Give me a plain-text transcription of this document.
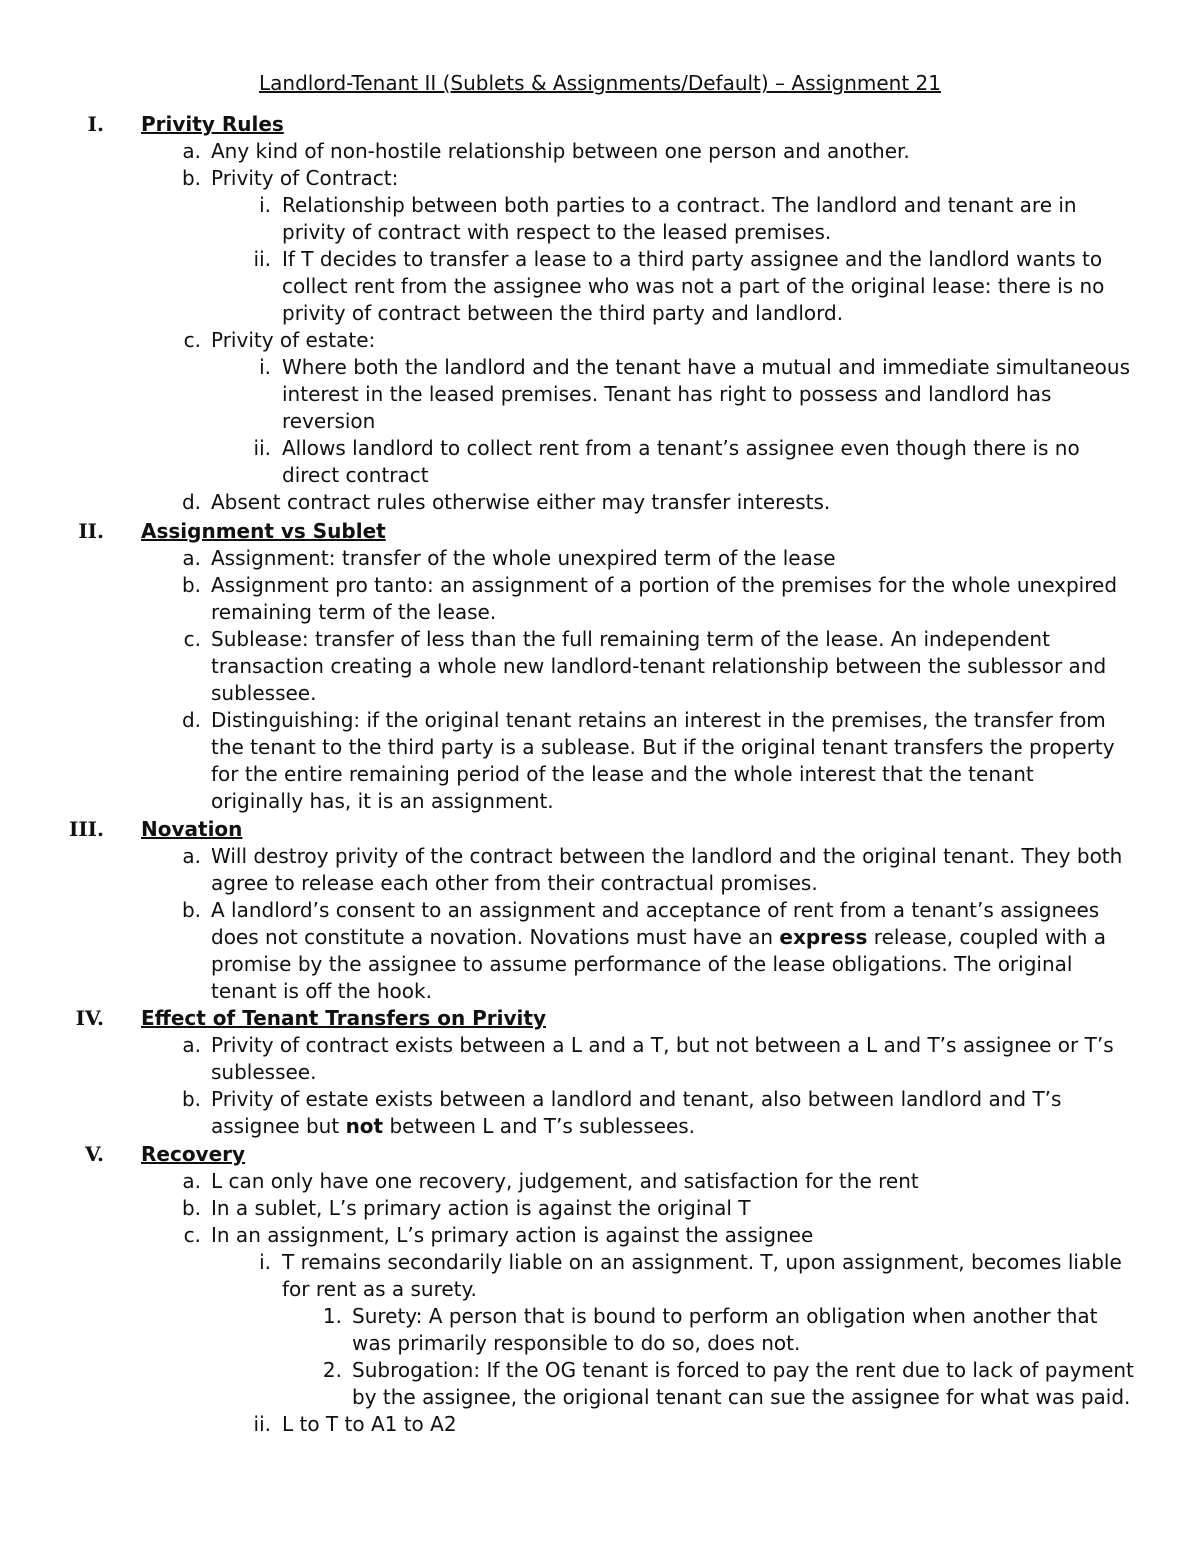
Landlord-Tenant II (Sublets & Assignments/Default) – Assignment 21
I. Privity Rules
a. Any kind of non-hostile relationship between one person and another.
b. Privity of Contract:
i. Relationship between both parties to a contract. The landlord and tenant are in privity of contract with respect to the leased premises.
ii. If T decides to transfer a lease to a third party assignee and the landlord wants to collect rent from the assignee who was not a part of the original lease: there is no privity of contract between the third party and landlord.
c. Privity of estate:
i. Where both the landlord and the tenant have a mutual and immediate simultaneous interest in the leased premises. Tenant has right to possess and landlord has reversion
ii. Allows landlord to collect rent from a tenant’s assignee even though there is no direct contract
d. Absent contract rules otherwise either may transfer interests.
II. Assignment vs Sublet
a. Assignment: transfer of the whole unexpired term of the lease
b. Assignment pro tanto: an assignment of a portion of the premises for the whole unexpired remaining term of the lease.
c. Sublease: transfer of less than the full remaining term of the lease. An independent transaction creating a whole new landlord-tenant relationship between the sublessor and sublessee.
d. Distinguishing: if the original tenant retains an interest in the premises, the transfer from the tenant to the third party is a sublease. But if the original tenant transfers the property for the entire remaining period of the lease and the whole interest that the tenant originally has, it is an assignment.
III. Novation
a. Will destroy privity of the contract between the landlord and the original tenant. They both agree to release each other from their contractual promises.
b. A landlord’s consent to an assignment and acceptance of rent from a tenant’s assignees does not constitute a novation. Novations must have an express release, coupled with a promise by the assignee to assume performance of the lease obligations. The original tenant is off the hook.
IV. Effect of Tenant Transfers on Privity
a. Privity of contract exists between a L and a T, but not between a L and T’s assignee or T’s sublessee.
b. Privity of estate exists between a landlord and tenant, also between landlord and T’s assignee but not between L and T’s sublessees.
V. Recovery
a. L can only have one recovery, judgement, and satisfaction for the rent
b. In a sublet, L’s primary action is against the original T
c. In an assignment, L’s primary action is against the assignee
i. T remains secondarily liable on an assignment. T, upon assignment, becomes liable for rent as a surety.
1. Surety: A person that is bound to perform an obligation when another that was primarily responsible to do so, does not.
2. Subrogation: If the OG tenant is forced to pay the rent due to lack of payment by the assignee, the origional tenant can sue the assignee for what was paid.
ii. L to T to A1 to A2
